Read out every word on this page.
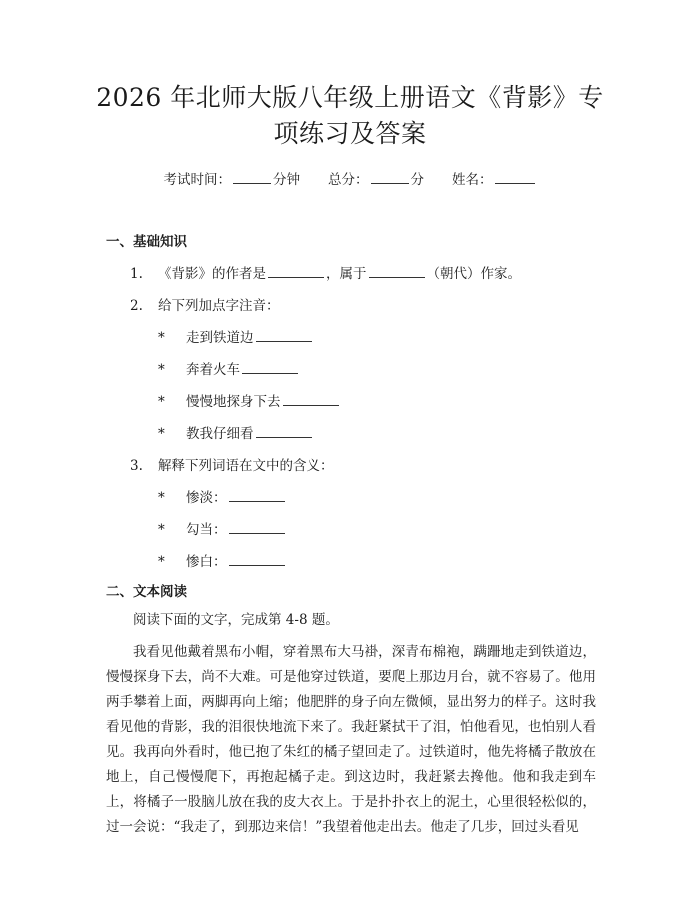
2026 年北师大版八年级上册语文《背影》专
项练习及答案
考试时间：	分钟 总分：	分 姓名：
一、基础知识
1.	《背影》的作者是	，属于	（朝代）作家。
2.	给下列加点字注音：
*	走到铁道边
*	奔着火车
*	慢慢地探身下去
*	教我仔细看
3.	解释下列词语在文中的含义：
*	惨淡：
*	勾当：
*	惨白：
二、文本阅读

阅读下面的文字，完成第 4-8 题。

我看见他戴着黑布小帽，穿着黑布大马褂，深青布棉袍，蹒跚地走到铁道边，慢慢探身下去，尚不大难。可是他穿过铁道，要爬上那边月台，就不容易了。他用两手攀着上面，两脚再向上缩；他肥胖的身子向左微倾，显出努力的样子。这时我看见他的背影，我的泪很快地流下来了。我赶紧拭干了泪，怕他看见，也怕别人看见。我再向外看时，他已抱了朱红的橘子望回走了。过铁道时，他先将橘子散放在地上，自己慢慢爬下，再抱起橘子走。到这边时，我赶紧去搀他。他和我走到车上，将橘子一股脑儿放在我的皮大衣上。于是扑扑衣上的泥土，心里很轻松似的，过一会说：“我走了，到那边来信！”我望着他走出去。他走了几步，回过头看见
